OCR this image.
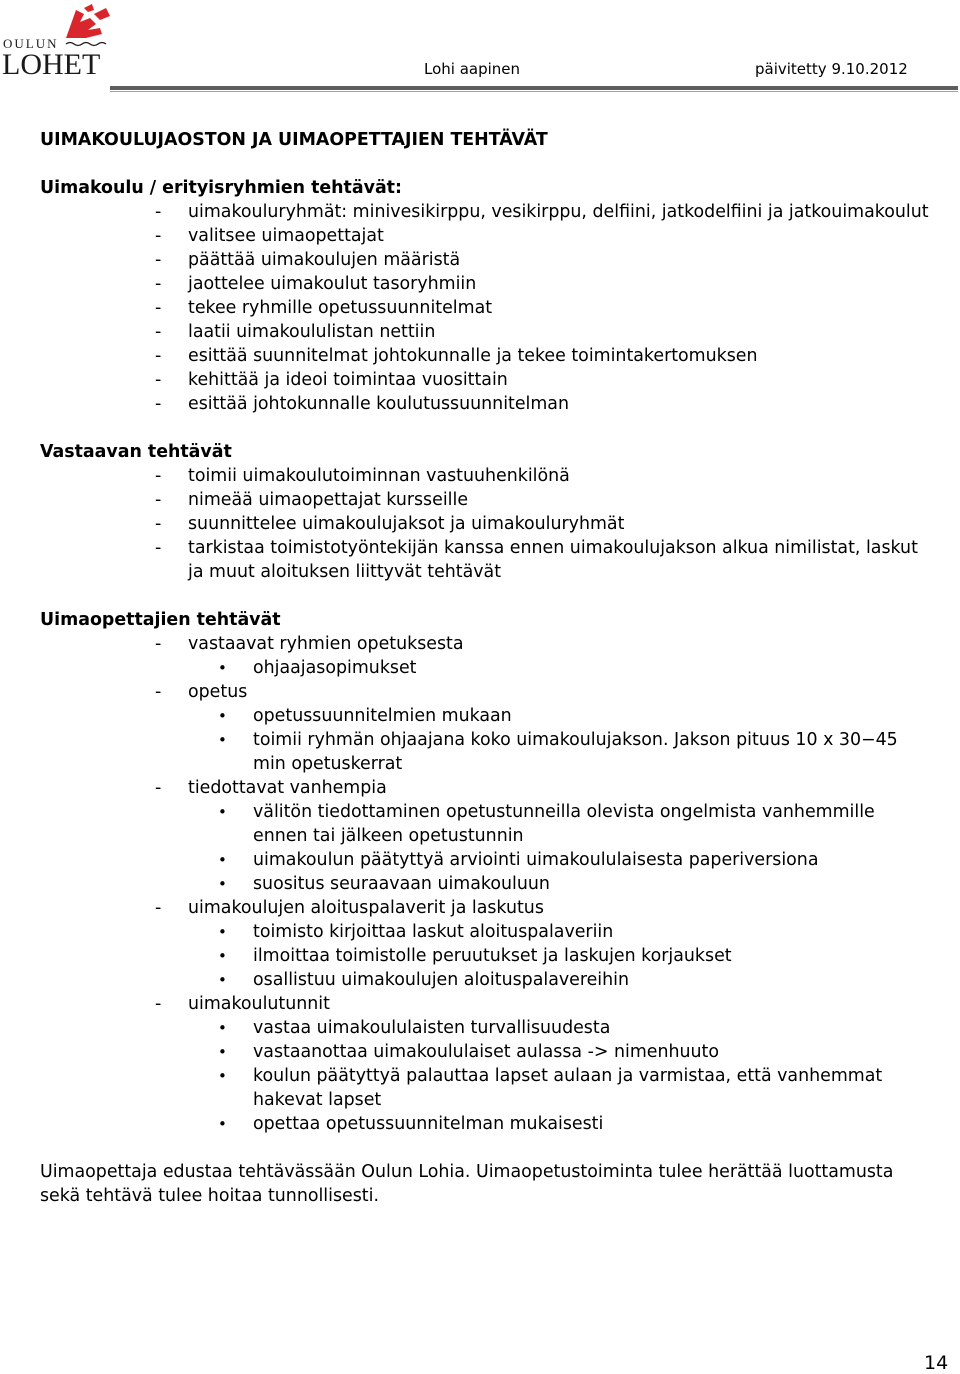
OULUN
LOHET	Lohi aapinen	päivitetty 9.10.2012
UIMAKOULUJAOSTON JA UIMAOPETTAJIEN TEHTÄVÄT
Uimakoulu / erityisryhmien tehtävät:
- uimakouluryhmät: minivesikirppu, vesikirppu, delfiini, jatkodelfiini ja jatkouimakoulut
- valitsee uimaopettajat
- päättää uimakoulujen määristä
- jaottelee uimakoulut tasoryhmiin
- tekee ryhmille opetussuunnitelmat
- laatii uimakoululistan nettiin
- esittää suunnitelmat johtokunnalle ja tekee toimintakertomuksen
- kehittää ja ideoi toimintaa vuosittain
- esittää johtokunnalle koulutussuunnitelman
Vastaavan tehtävät
- toimii uimakoulutoiminnan vastuuhenkilönä
- nimeää uimaopettajat kursseille
- suunnittelee uimakoulujaksot ja uimakouluryhmät
- tarkistaa toimistotyöntekijän kanssa ennen uimakoulujakson alkua nimilistat, laskut ja muut aloituksen liittyvät tehtävät
Uimaopettajien tehtävät
- vastaavat ryhmien opetuksesta
• ohjaajasopimukset
- opetus
• opetussuunnitelmien mukaan
• toimii ryhmän ohjaajana koko uimakoulujakson. Jakson pituus 10 x 30−45 min opetuskerrat
- tiedottavat vanhempia
• välitön tiedottaminen opetustunneilla olevista ongelmista vanhemmille ennen tai jälkeen opetustunnin
• uimakoulun päätyttyä arviointi uimakoululaisesta paperiversiona
• suositus seuraavaan uimakouluun
- uimakoulujen aloituspalaverit ja laskutus
• toimisto kirjoittaa laskut aloituspalaveriin
• ilmoittaa toimistolle peruutukset ja laskujen korjaukset
• osallistuu uimakoulujen aloituspalavereihin
- uimakoulutunnit
• vastaa uimakoululaisten turvallisuudesta
• vastaanottaa uimakoululaiset aulassa -> nimenhuuto
• koulun päätyttyä palauttaa lapset aulaan ja varmistaa, että vanhemmat hakevat lapset
• opettaa opetussuunnitelman mukaisesti
Uimaopettaja edustaa tehtävässään Oulun Lohia. Uimaopetustoiminta tulee herättää luottamusta sekä tehtävä tulee hoitaa tunnollisesti.
14
